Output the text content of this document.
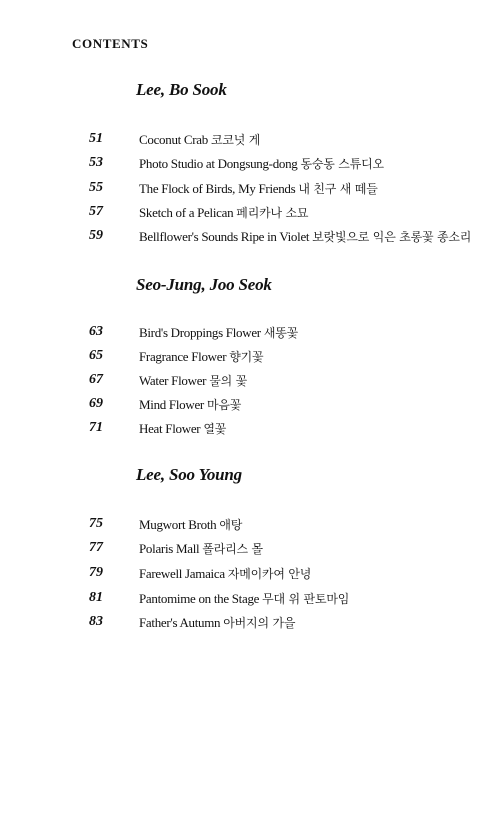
CONTENTS
Lee, Bo Sook
51	Coconut Crab 코코넛 게
53	Photo Studio at Dongsung-dong 동숭동 스튜디오
55	The Flock of Birds, My Friends 내 친구 새 떼들
57	Sketch of a Pelican 페리카나 소묘
59	Bellflower's Sounds Ripe in Violet 보랏빛으로 익은 초롱꽃 종소리
Seo-Jung, Joo Seok
63	Bird's Droppings Flower 새똥꽃
65	Fragrance Flower 향기꽃
67	Water Flower 물의 꽃
69	Mind Flower 마음꽃
71	Heat Flower 열꽃
Lee, Soo Young
75	Mugwort Broth 애탕
77	Polaris Mall 폴라리스 몰
79	Farewell Jamaica 자메이카여 안녕
81	Pantomime on the Stage 무대 위 판토마임
83	Father's Autumn 아버지의 가을
